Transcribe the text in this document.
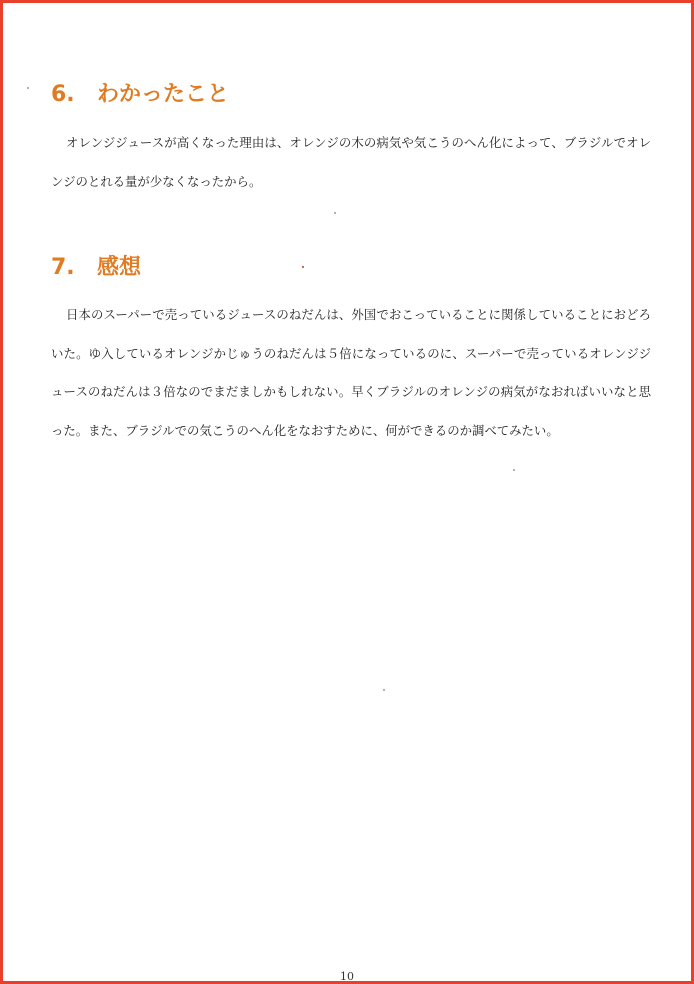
6. わかったこと

オレンジジュースが高くなった理由は、オレンジの木の病気や気こうのへん化によって、ブラジルでオレンジのとれる量が少なくなったから。

7. 感想

日本のスーパーで売っているジュースのねだんは、外国でおこっていることに関係していることにおどろいた。ゆ入しているオレンジかじゅうのねだんは５倍になっているのに、スーパーで売っているオレンジジュースのねだんは３倍なのでまだましかもしれない。早くブラジルのオレンジの病気がなおればいいなと思った。また、ブラジルでの気こうのへん化をなおすために、何ができるのか調べてみたい。

10
